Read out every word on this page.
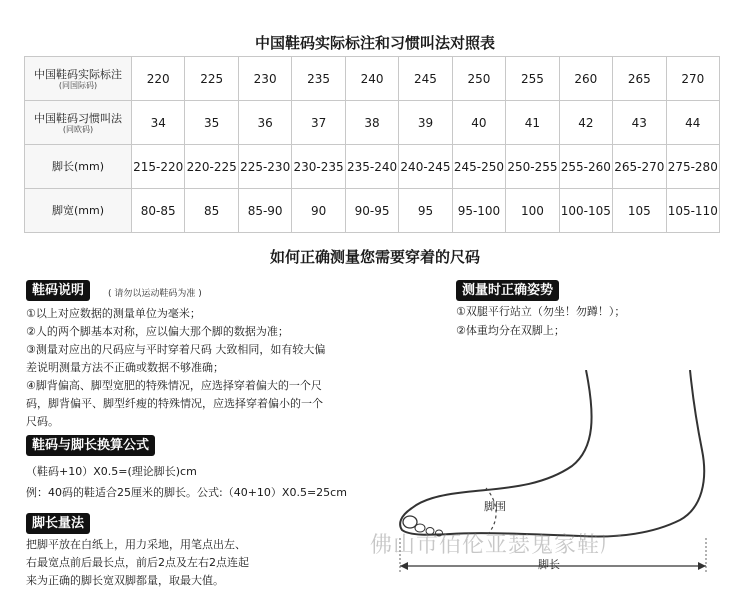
中国鞋码实际标注和习惯叫法对照表
中国鞋码实际标注
(同国际码)	220	225	230	235	240	245	250	255	260	265	270
中国鞋码习惯叫法
(同欧码)	34	35	36	37	38	39	40	41	42	43	44
脚长(mm)	215-220	220-225	225-230	230-235	235-240	240-245	245-250	250-255	255-260	265-270	275-280
脚宽(mm)	80-85	85	85-90	90	90-95	95	95-100	100	100-105	105	105-110
如何正确测量您需要穿着的尺码
鞋码说明	( 请勿以运动鞋码为准 )
①以上对应数据的测量单位为毫米；
②人的两个脚基本对称，应以偏大那个脚的数据为准；
③测量对应出的尺码应与平时穿着尺码 大致相同，如有较大偏
差说明测量方法不正确或数据不够准确；
④脚背偏高、脚型宽肥的特殊情况，应选择穿着偏大的一个尺
码，脚背偏平、脚型纤瘦的特殊情况，应选择穿着偏小的一个
尺码。
鞋码与脚长换算公式
（鞋码+10）X0.5=(理论脚长)cm
例：40码的鞋适合25厘米的脚长。公式:（40+10）X0.5=25cm
脚长量法
把脚平放在白纸上，用力采地，用笔点出左、
右最宽点前后最长点，前后2点及左右2点连起
来为正确的脚长宽双脚都量，取最大值。
测量时正确姿势
①双腿平行站立（勿坐！勿蹲！）；
②体重均分在双脚上；
脚围
脚长
佛山市佰伦亚瑟鬼家鞋厂
